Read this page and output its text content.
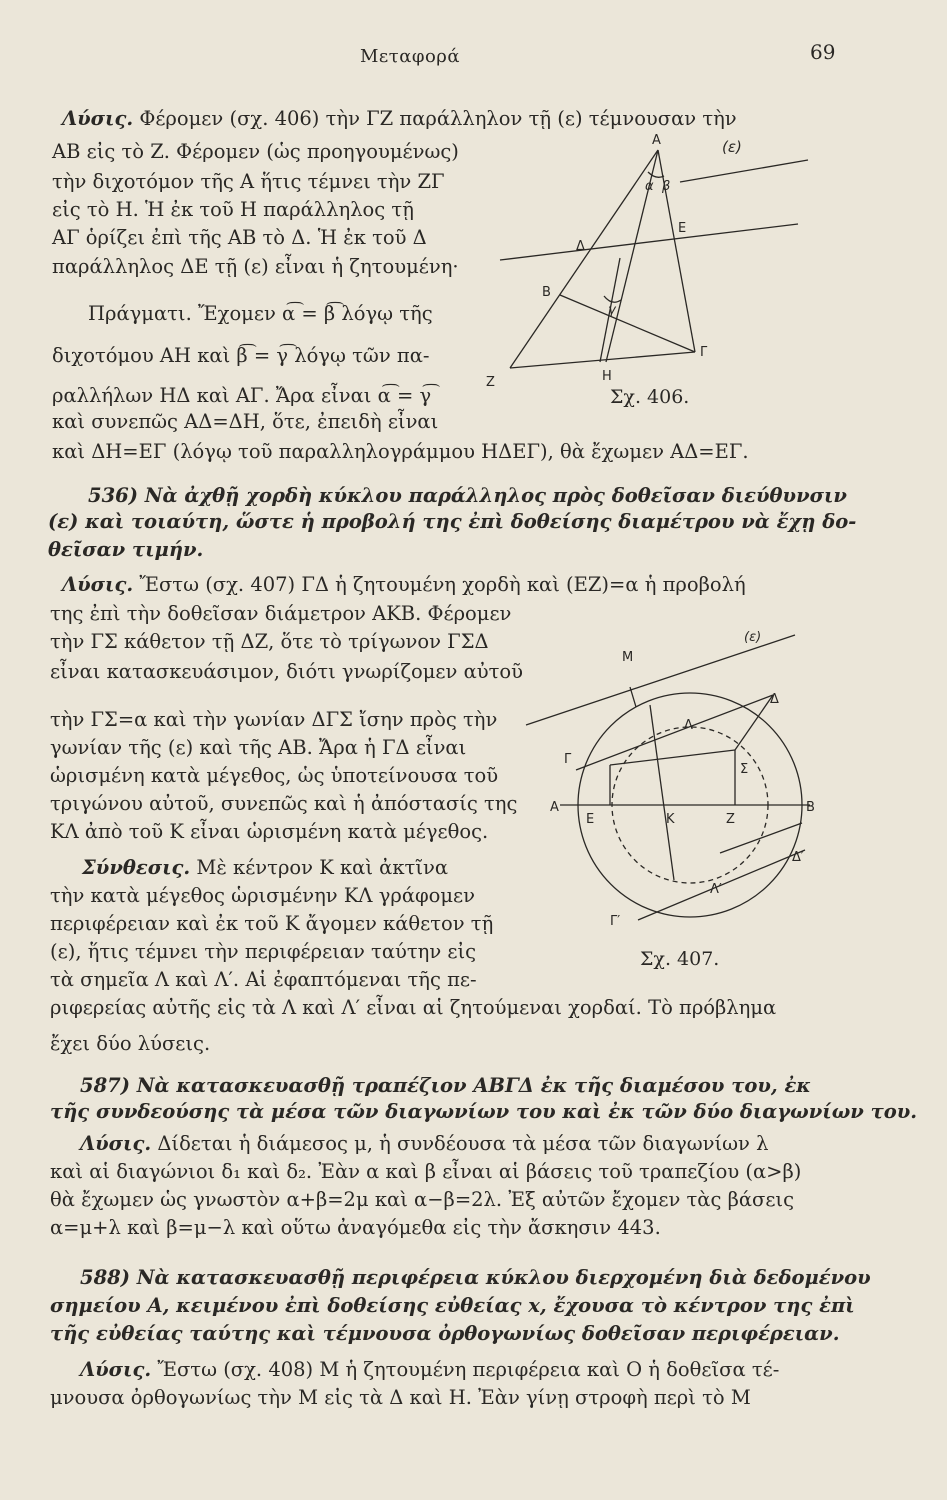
Μεταφορά	69
Λύσις. Φέρομεν (σχ. 406) τὴν ΓΖ παράλληλον τῇ (ε) τέμνουσαν τὴν
ΑΒ εἰς τὸ Ζ. Φέρομεν (ὡς προηγουμένως)
τὴν διχοτόμον τῆς Α ἥτις τέμνει τὴν ΖΓ
εἰς τὸ Η. Ἡ ἐκ τοῦ Η παράλληλος τῇ
ΑΓ ὁρίζει ἐπὶ τῆς ΑΒ τὸ Δ. Ἡ ἐκ τοῦ Δ
παράλληλος ΔΕ τῇ (ε) εἶναι ἡ ζητουμένη·
Πράγματι. Ἔχομεν α͡ = β͡ λόγῳ τῆς
διχοτόμου ΑΗ καὶ β͡ = γ͡ λόγῳ τῶν πα-
ραλλήλων ΗΔ καὶ ΑΓ. Ἄρα εἶναι α͡ = γ͡
καὶ συνεπῶς ΑΔ=ΔΗ, ὅτε, ἐπειδὴ εἶναι
καὶ ΔΗ=ΕΓ (λόγῳ τοῦ παραλληλογράμμου ΗΔΕΓ), θὰ ἔχωμεν ΑΔ=ΕΓ.
Α	(ε)
α β
Ε
Δ
Β
γ
Γ
Ζ	Η
Σχ. 406.
536) Νὰ ἀχθῇ χορδὴ κύκλου παράλληλος πρὸς δοθεῖσαν διεύθυνσιν
(ε) καὶ τοιαύτη, ὥστε ἡ προβολή της ἐπὶ δοθείσης διαμέτρου νὰ ἔχῃ δο-
θεῖσαν τιμήν.
Λύσις. Ἔστω (σχ. 407) ΓΔ ἡ ζητουμένη χορδὴ καὶ (ΕΖ)=α ἡ προβολή
της ἐπὶ τὴν δοθεῖσαν διάμετρον ΑΚΒ. Φέρομεν
τὴν ΓΣ κάθετον τῇ ΔΖ, ὅτε τὸ τρίγωνον ΓΣΔ
εἶναι κατασκευάσιμον, διότι γνωρίζομεν αὐτοῦ
τὴν ΓΣ=α καὶ τὴν γωνίαν ΔΓΣ ἴσην πρὸς τὴν
γωνίαν τῆς (ε) καὶ τῆς ΑΒ. Ἄρα ἡ ΓΔ εἶναι
ὡρισμένη κατὰ μέγεθος, ὡς ὑποτείνουσα τοῦ
τριγώνου αὐτοῦ, συνεπῶς καὶ ἡ ἀπόστασίς της
ΚΛ ἀπὸ τοῦ Κ εἶναι ὡρισμένη κατὰ μέγεθος.
Σύνθεσις. Μὲ κέντρον Κ καὶ ἀκτῖνα
τὴν κατὰ μέγεθος ὡρισμένην ΚΛ γράφομεν
περιφέρειαν καὶ ἐκ τοῦ Κ ἄγομεν κάθετον τῇ
(ε), ἥτις τέμνει τὴν περιφέρειαν ταύτην εἰς
τὰ σημεῖα Λ καὶ Λ′. Αἱ ἐφαπτόμεναι τῆς πε-
ριφερείας αὐτῆς εἰς τὰ Λ καὶ Λ′ εἶναι αἱ ζητούμεναι χορδαί. Τὸ πρόβλημα
ἔχει δύο λύσεις.
Μ
(ε)
Δ
Λ
Γ
Σ
Α
Ε	Κ	Ζ
Β
Δ′
Λ′
Γ′
Σχ. 407.
587) Νὰ κατασκευασθῇ τραπέζιον ΑΒΓΔ ἐκ τῆς διαμέσου του, ἐκ
τῆς συνδεούσης τὰ μέσα τῶν διαγωνίων του καὶ ἐκ τῶν δύο διαγωνίων του.
Λύσις. Δίδεται ἡ διάμεσος μ, ἡ συνδέουσα τὰ μέσα τῶν διαγωνίων λ
καὶ αἱ διαγώνιοι δ₁ καὶ δ₂. Ἐὰν α καὶ β εἶναι αἱ βάσεις τοῦ τραπεζίου (α>β)
θὰ ἔχωμεν ὡς γνωστὸν α+β=2μ καὶ α−β=2λ. Ἐξ αὐτῶν ἔχομεν τὰς βάσεις
α=μ+λ καὶ β=μ−λ καὶ οὕτω ἀναγόμεθα εἰς τὴν ἄσκησιν 443.
588) Νὰ κατασκευασθῇ περιφέρεια κύκλου διερχομένη διὰ δεδομένου
σημείου Α, κειμένου ἐπὶ δοθείσης εὐθείας x, ἔχουσα τὸ κέντρον της ἐπὶ
τῆς εὐθείας ταύτης καὶ τέμνουσα ὀρθογωνίως δοθεῖσαν περιφέρειαν.
Λύσις. Ἔστω (σχ. 408) Μ ἡ ζητουμένη περιφέρεια καὶ Ο ἡ δοθεῖσα τέ-
μνουσα ὀρθογωνίως τὴν Μ εἰς τὰ Δ καὶ Η. Ἐὰν γίνῃ στροφὴ περὶ τὸ Μ
